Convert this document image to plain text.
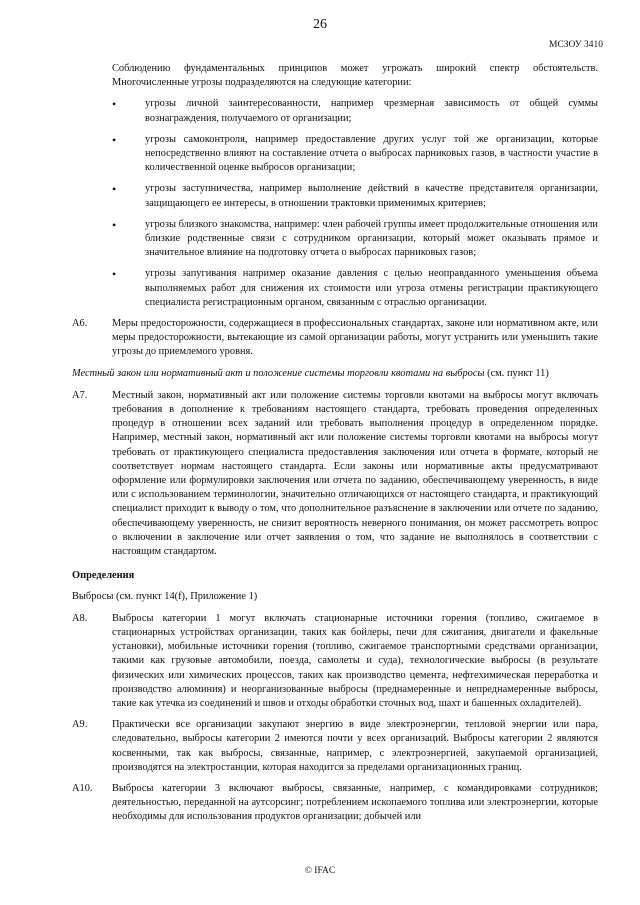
26
МСЗОУ 3410

Соблюдению фундаментальных принципов может угрожать широкий спектр обстоятельств. Многочисленные угрозы подразделяются на следующие категории:

•	угрозы личной заинтересованности, например чрезмерная зависимость от общей суммы вознаграждения, получаемого от организации;
•	угрозы самоконтроля, например предоставление других услуг той же организации, которые непосредственно влияют на составление отчета о выбросах парниковых газов, в частности участие в количественной оценке выбросов организации;
•	угрозы заступничества, например выполнение действий в качестве представителя организации, защищающего ее интересы, в отношении трактовки применимых критериев;
•	угрозы близкого знакомства, например: член рабочей группы имеет продолжительные отношения или близкие родственные связи с сотрудником организации, который может оказывать прямое и значительное влияние на подготовку отчета о выбросах парниковых газов;
•	угрозы запугивания например оказание давления с целью неоправданного уменьшения объема выполняемых работ для снижения их стоимости или угроза отмены регистрации практикующего специалиста регистрационным органом, связанным с отраслью организации.
A6. Меры предосторожности, содержащиеся в профессиональных стандартах, законе или нормативном акте, или меры предосторожности, вытекающие из самой организации работы, могут устранить или уменьшить такие угрозы до приемлемого уровня.

Местный закон или нормативный акт и положение системы торговли квотами на выбросы (см. пункт 11)

A7. Местный закон, нормативный акт или положение системы торговли квотами на выбросы могут включать требования в дополнение к требованиям настоящего стандарта, требовать проведения определенных процедур в отношении всех заданий или требовать выполнения процедур в определенном порядке. Например, местный закон, нормативный акт или положение системы торговли квотами на выбросы могут требовать от практикующего специалиста предоставления заключения или отчета в формате, который не соответствует нормам настоящего стандарта. Если законы или нормативные акты предусматривают оформление или формулировки заключения или отчета по заданию, обеспечивающему уверенность, в виде или с использованием терминологии, значительно отличающихся от настоящего стандарта, и практикующий специалист приходит к выводу о том, что дополнительное разъяснение в заключении или отчете по заданию, обеспечивающему уверенность, не снизит вероятность неверного понимания, он может рассмотреть вопрос о включении в заключение или отчет заявления о том, что задание не выполнялось в соответствии с настоящим стандартом.

Определения

Выбросы (см. пункт 14(f), Приложение 1)

A8. Выбросы категории 1 могут включать стационарные источники горения (топливо, сжигаемое в стационарных устройствах организации, таких как бойлеры, печи для сжигания, двигатели и факельные установки), мобильные источники горения (топливо, сжигаемое транспортными средствами организации, такими как грузовые автомобили, поезда, самолеты и суда), технологические выбросы (в результате физических или химических процессов, таких как производство цемента, нефтехимическая переработка и производство алюминия) и неорганизованные выбросы (преднамеренные и непреднамеренные выбросы, такие как утечка из соединений и швов и отходы обработки сточных вод, шахт и башенных охладителей).
A9. Практически все организации закупают энергию в виде электроэнергии, тепловой энергии или пара, следовательно, выбросы категории 2 имеются почти у всех организаций. Выбросы категории 2 являются косвенными, так как выбросы, связанные, например, с электроэнергией, закупаемой организацией, производятся на электростанции, которая находится за пределами организационных границ.
A10. Выбросы категории 3 включают выбросы, связанные, например, с командировками сотрудников; деятельностью, переданной на аутсорсинг; потреблением ископаемого топлива или электроэнергии, которые необходимы для использования продуктов организации; добычей или
© IFAC
